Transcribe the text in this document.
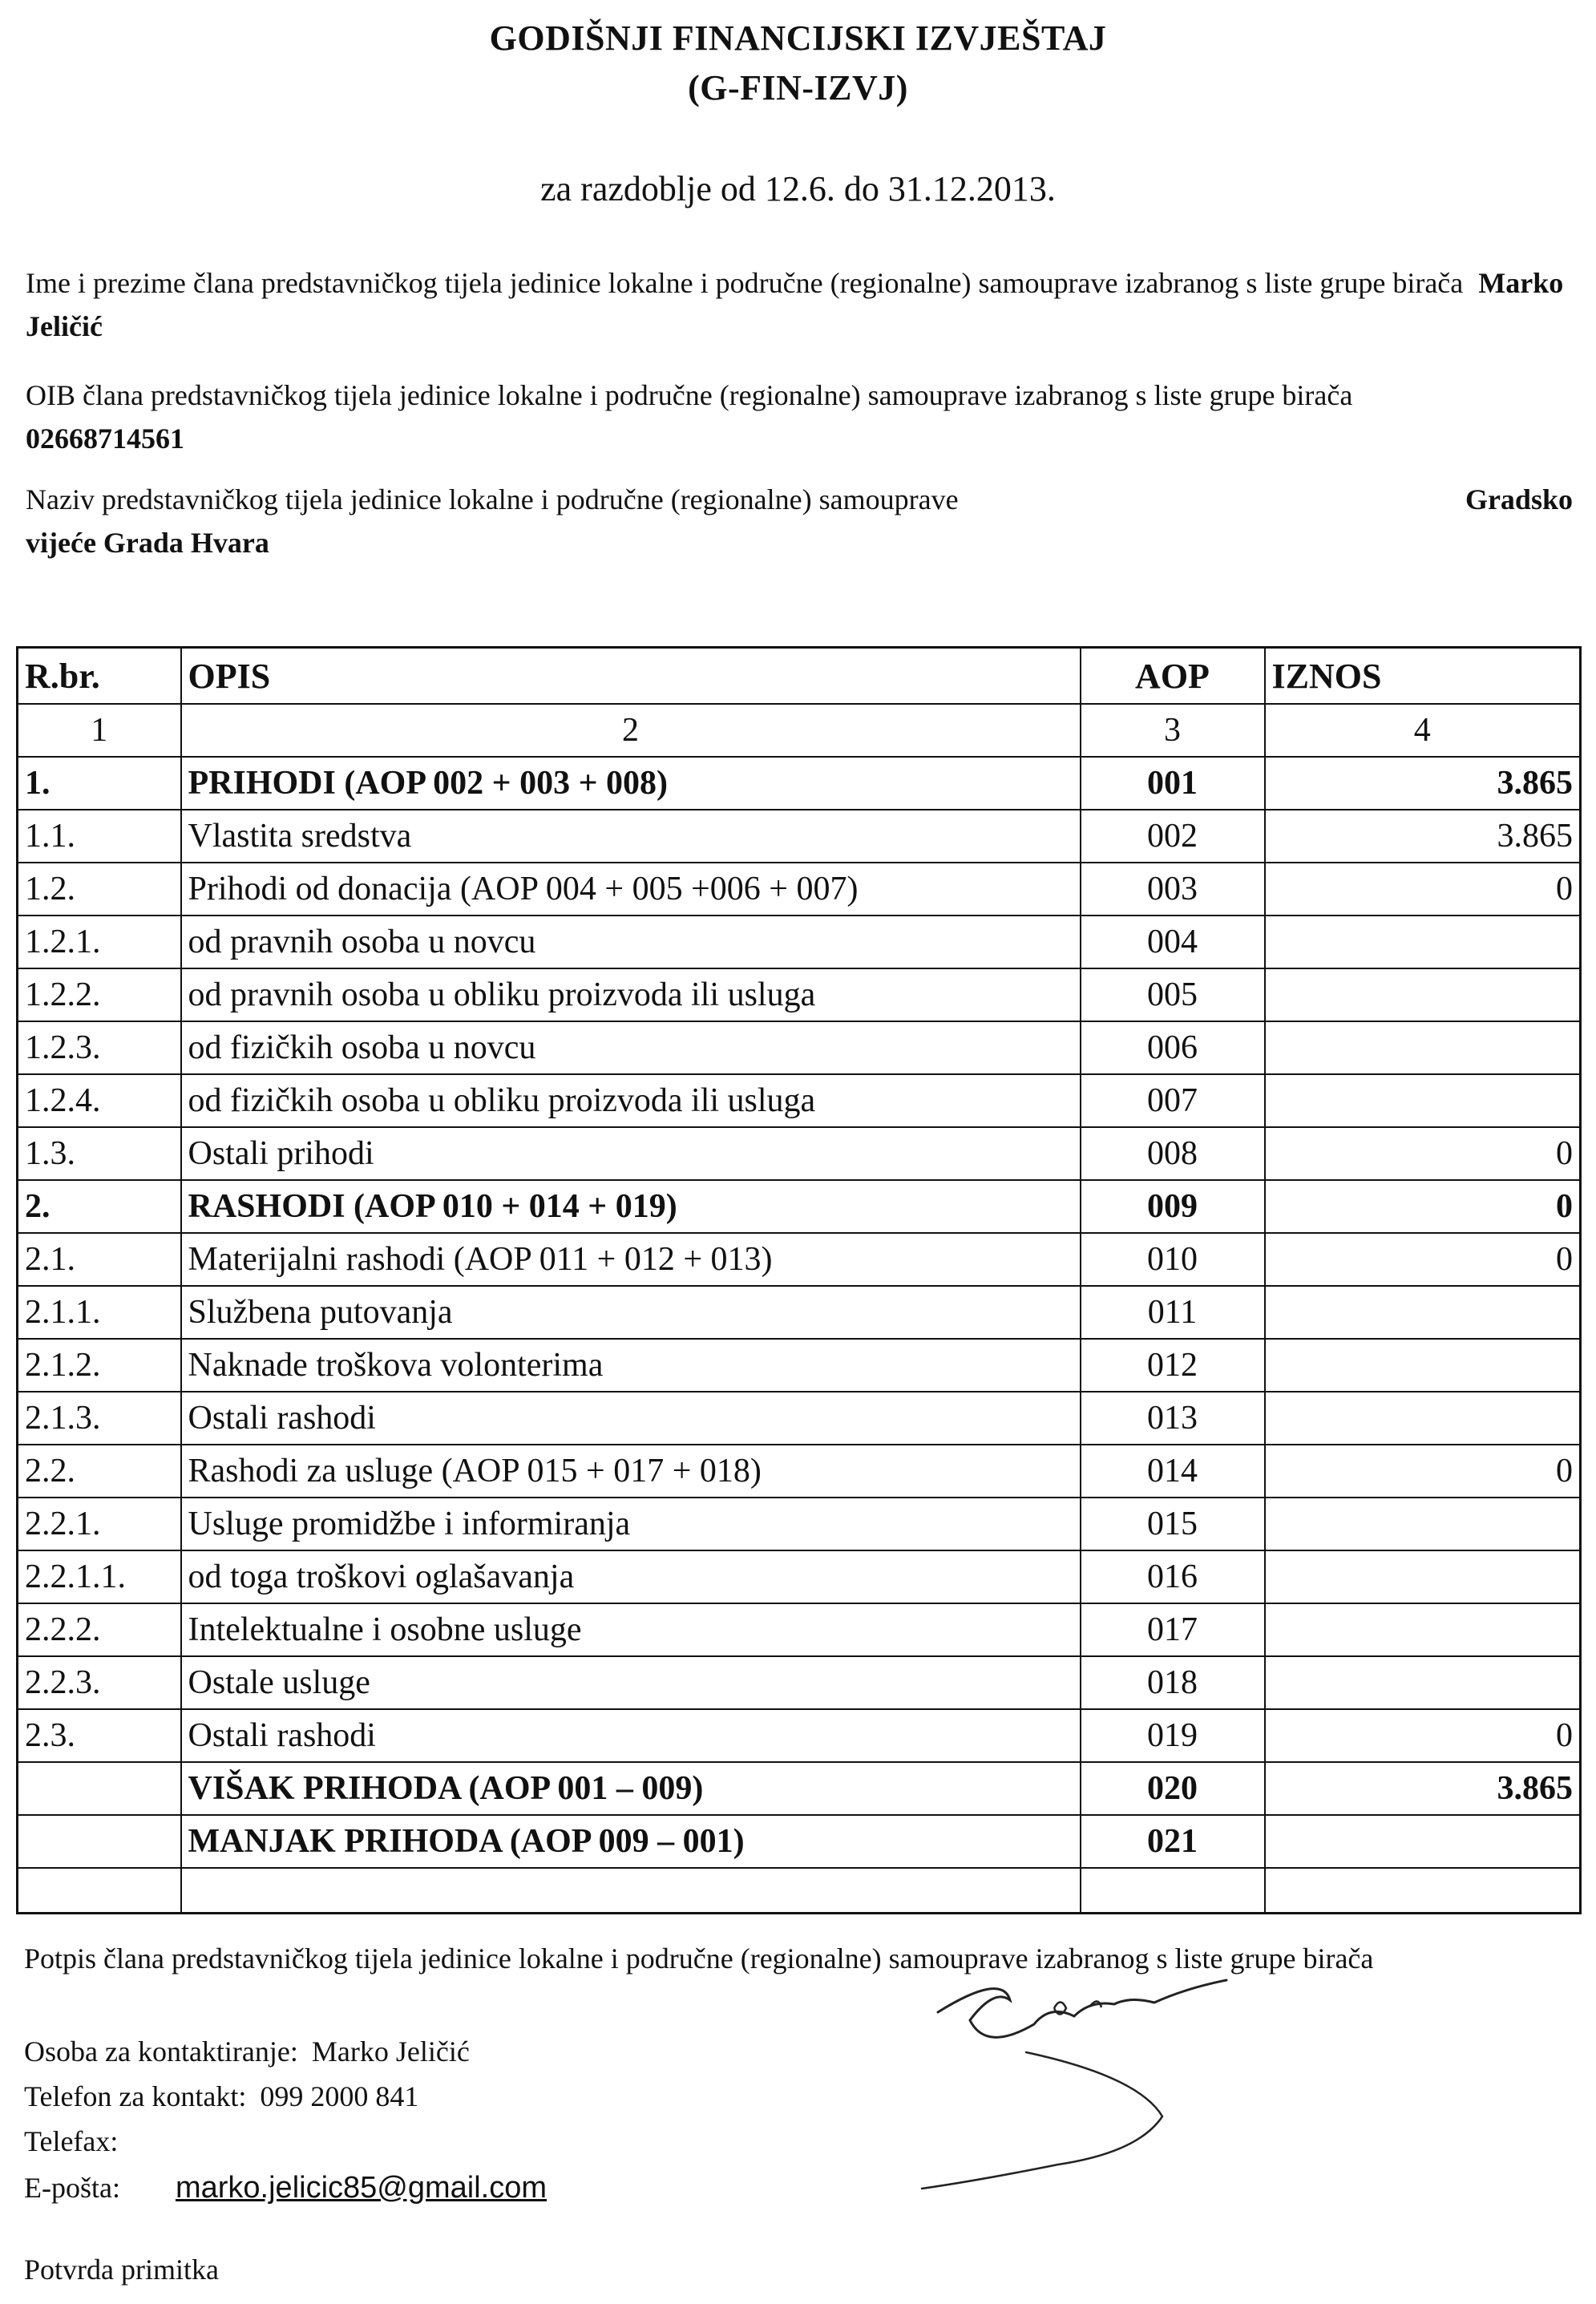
GODIŠNJI FINANCIJSKI IZVJEŠTAJ
(G-FIN-IZVJ)
za razdoblje od 12.6. do 31.12.2013.
Ime i prezime člana predstavničkog tijela jedinice lokalne i područne (regionalne) samouprave izabranog s liste grupe birača Marko Jeličić
OIB člana predstavničkog tijela jedinice lokalne i područne (regionalne) samouprave izabranog s liste grupe birača
02668714561
Naziv predstavničkog tijela jedinice lokalne i područne (regionalne) samouprave	Gradsko

vijeće Grada Hvara
R.br.	OPIS	AOP	IZNOS
1	2	3	4
1.	PRIHODI (AOP 002 + 003 + 008)	001	3.865
1.1.	Vlastita sredstva	002	3.865
1.2.	Prihodi od donacija (AOP 004 + 005 +006 + 007)	003	0
1.2.1.	od pravnih osoba u novcu	004	
1.2.2.	od pravnih osoba u obliku proizvoda ili usluga	005	
1.2.3.	od fizičkih osoba u novcu	006	
1.2.4.	od fizičkih osoba u obliku proizvoda ili usluga	007	
1.3.	Ostali prihodi	008	0
2.	RASHODI (AOP 010 + 014 + 019)	009	0
2.1.	Materijalni rashodi (AOP 011 + 012 + 013)	010	0
2.1.1.	Službena putovanja	011	
2.1.2.	Naknade troškova volonterima	012	
2.1.3.	Ostali rashodi	013	
2.2.	Rashodi za usluge (AOP 015 + 017 + 018)	014	0
2.2.1.	Usluge promidžbe i informiranja	015	
2.2.1.1.	od toga troškovi oglašavanja	016	
2.2.2.	Intelektualne i osobne usluge	017	
2.2.3.	Ostale usluge	018	
2.3.	Ostali rashodi	019	0
	VIŠAK PRIHODA (AOP 001 – 009)	020	3.865
	MANJAK PRIHODA (AOP 009 – 001)	021	

Potpis člana predstavničkog tijela jedinice lokalne i područne (regionalne) samouprave izabranog s liste grupe birača
Osoba za kontaktiranje: Marko Jeličić
Telefon za kontakt: 099 2000 841
Telefax:
E-pošta: marko.jelicic85@gmail.com
Potvrda primitka
